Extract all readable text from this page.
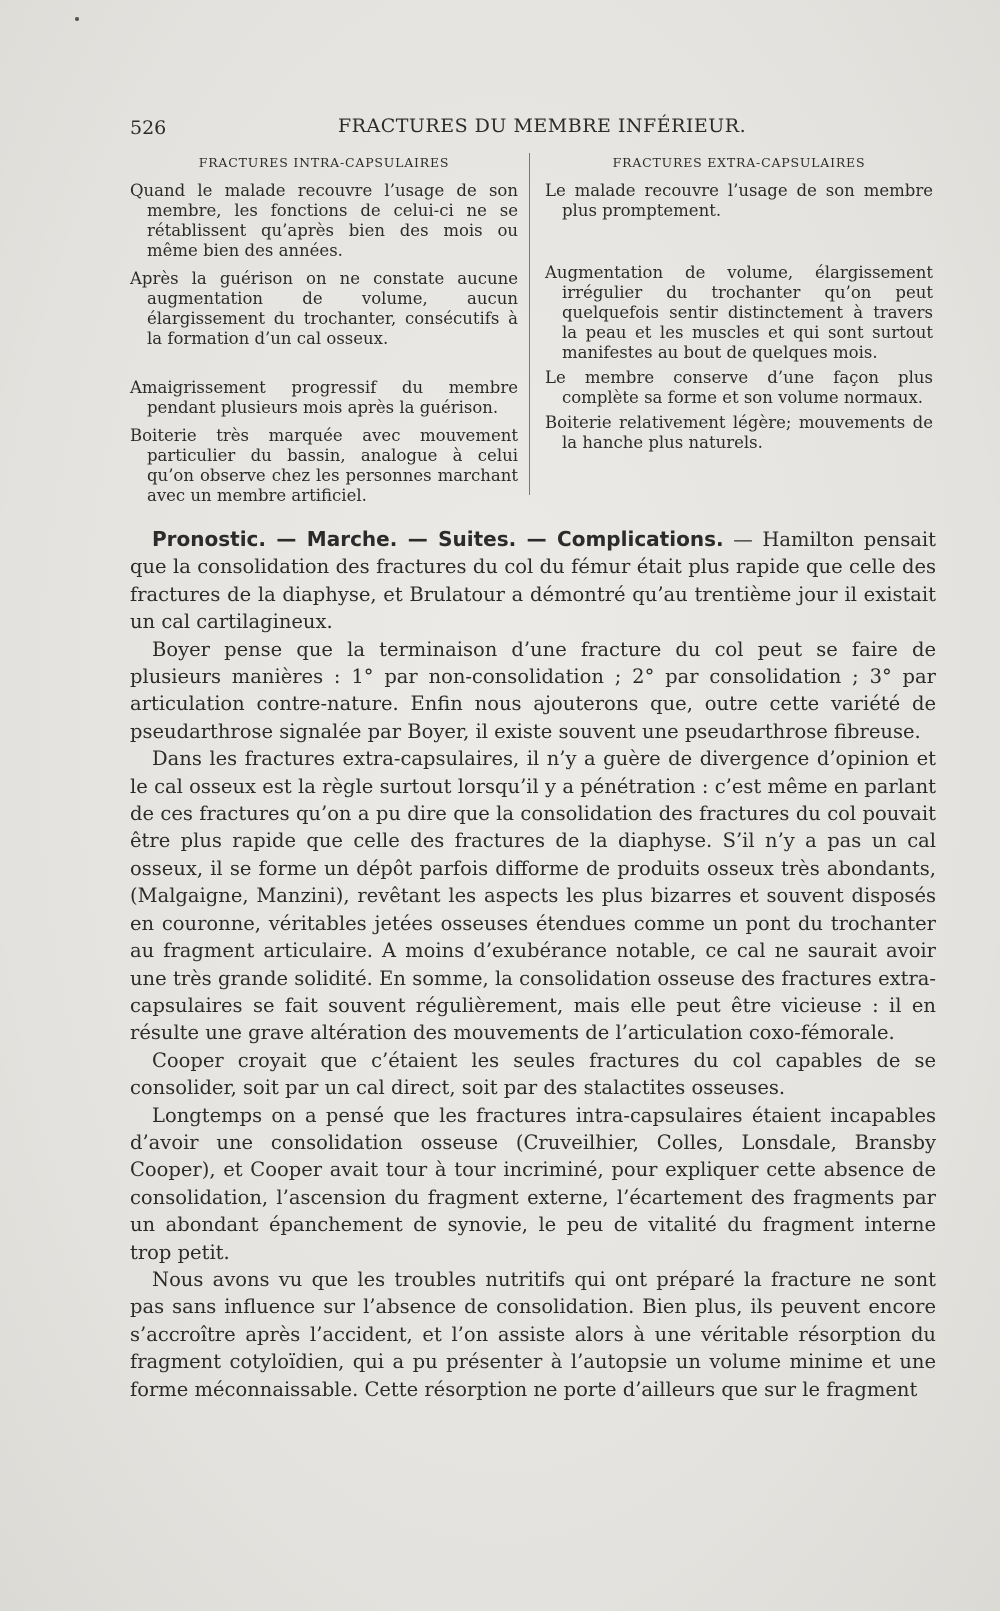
526	FRACTURES DU MEMBRE INFÉRIEUR.
FRACTURES INTRA-CAPSULAIRES

Quand le malade recouvre l’usage de son membre, les fonctions de celui-ci ne se rétablissent qu’après bien des mois ou même bien des années.

Après la guérison on ne constate aucune augmentation de volume, aucun élargissement du trochanter, consécutifs à la formation d’un cal osseux.

Amaigrissement progressif du membre pendant plusieurs mois après la guérison.

Boiterie très marquée avec mouvement particulier du bassin, analogue à celui qu’on observe chez les personnes marchant avec un membre artificiel.

FRACTURES EXTRA-CAPSULAIRES

Le malade recouvre l’usage de son membre plus promptement.

Augmentation de volume, élargissement irrégulier du trochanter qu’on peut quelquefois sentir distinctement à travers la peau et les muscles et qui sont surtout manifestes au bout de quelques mois.

Le membre conserve d’une façon plus complète sa forme et son volume normaux.

Boiterie relativement légère; mouvements de la hanche plus naturels.

Pronostic. — Marche. — Suites. — Complications. — Hamilton pensait que la consolidation des fractures du col du fémur était plus rapide que celle des fractures de la diaphyse, et Brulatour a démontré qu’au trentième jour il existait un cal cartilagineux.

Boyer pense que la terminaison d’une fracture du col peut se faire de plusieurs manières : 1° par non-consolidation ; 2° par consolidation ; 3° par articulation contre-nature. Enfin nous ajouterons que, outre cette variété de pseudarthrose signalée par Boyer, il existe souvent une pseudarthrose fibreuse.

Dans les fractures extra-capsulaires, il n’y a guère de divergence d’opinion et le cal osseux est la règle surtout lorsqu’il y a pénétration : c’est même en parlant de ces fractures qu’on a pu dire que la consolidation des fractures du col pouvait être plus rapide que celle des fractures de la diaphyse. S’il n’y a pas un cal osseux, il se forme un dépôt parfois difforme de produits osseux très abondants, (Malgaigne, Manzini), revêtant les aspects les plus bizarres et souvent disposés en couronne, véritables jetées osseuses étendues comme un pont du trochanter au fragment articulaire. A moins d’exubérance notable, ce cal ne saurait avoir une très grande solidité. En somme, la consolidation osseuse des fractures extra-capsulaires se fait souvent régulièrement, mais elle peut être vicieuse : il en résulte une grave altération des mouvements de l’articulation coxo-fémorale.

Cooper croyait que c’étaient les seules fractures du col capables de se consolider, soit par un cal direct, soit par des stalactites osseuses.

Longtemps on a pensé que les fractures intra-capsulaires étaient incapables d’avoir une consolidation osseuse (Cruveilhier, Colles, Lonsdale, Bransby Cooper), et Cooper avait tour à tour incriminé, pour expliquer cette absence de consolidation, l’ascension du fragment externe, l’écartement des fragments par un abondant épanchement de synovie, le peu de vitalité du fragment interne trop petit.

Nous avons vu que les troubles nutritifs qui ont préparé la fracture ne sont pas sans influence sur l’absence de consolidation. Bien plus, ils peuvent encore s’accroître après l’accident, et l’on assiste alors à une véritable résorption du fragment cotyloïdien, qui a pu présenter à l’autopsie un volume minime et une forme méconnaissable. Cette résorption ne porte d’ailleurs que sur le fragment
